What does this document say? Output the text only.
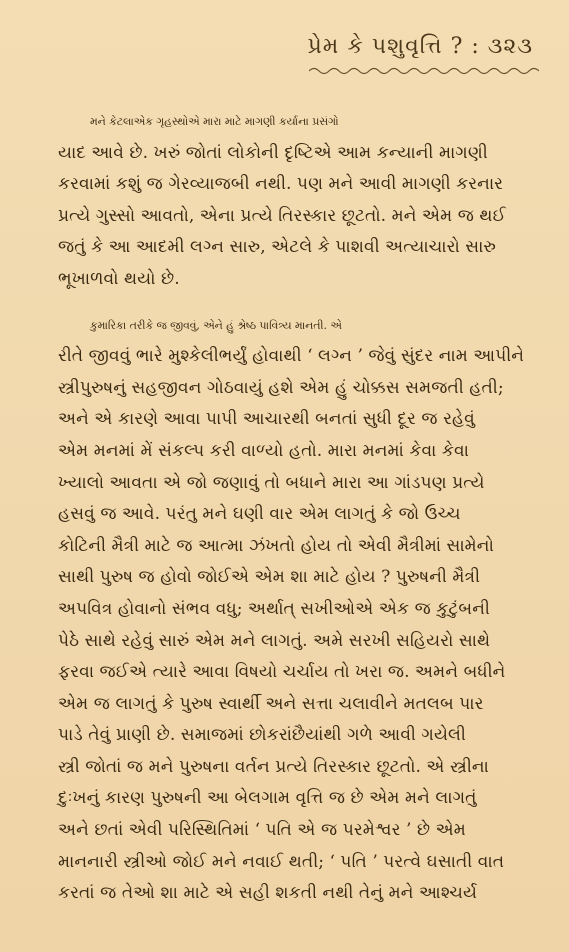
પ્રેમ કે પશુવૃત્તિ ? : ૩૨૩

મને કેટલાએક ગૃહસ્થોએ મારા માટે માગણી કર્યાના પ્રસંગો

યાદ આવે છે. ખરું જોતાં લોકોની દૃષ્ટિએ આમ કન્યાની માગણી

કરવામાં કશું જ ગેરવ્યાજબી નથી. પણ મને આવી માગણી કરનાર

પ્રત્યે ગુસ્સો આવતો, એના પ્રત્યે તિરસ્કાર છૂટતો. મને એમ જ થઈ

જતું કે આ આદમી લગ્ન સારુ, એટલે કે પાશવી અત્યાચારો સારુ

ભૂખાળવો થયો છે.

કુમારિકા તરીકે જ જીવવું, એને હું શ્રેષ્ઠ પાવિત્ર્ય માનતી. એ

રીતે જીવવું ભારે મુશ્કેલીભર્યું હોવાથી ‘ લગ્ન ’ જેવું સુંદર નામ આપીને

સ્ત્રીપુરુષનું સહજીવન ગોઠવાયું હશે એમ હું ચોક્કસ સમજતી હતી;

અને એ કારણે આવા પાપી આચારથી બનતાં સુધી દૂર જ રહેવું

એમ મનમાં મેં સંકલ્પ કરી વાળ્યો હતો. મારા મનમાં કેવા કેવા

ખ્યાલો આવતા એ જો જણાવું તો બધાને મારા આ ગાંડપણ પ્રત્યે

હસવું જ આવે. પરંતુ મને ઘણી વાર એમ લાગતું કે જો ઉચ્ચ

કોટિની મૈત્રી માટે જ આત્મા ઝંખતો હોય તો એવી મૈત્રીમાં સામેનો

સાથી પુરુષ જ હોવો જોઈએ એમ શા માટે હોય ? પુરુષની મૈત્રી

અપવિત્ર હોવાનો સંભવ વધુ; અર્થાત્ સખીઓએ એક જ કુટુંબની

પેઠે સાથે રહેવું સારું એમ મને લાગતું. અમે સરખી સહિયરો સાથે

ફરવા જઈએ ત્યારે આવા વિષયો ચર્ચાય તો ખરા જ. અમને બધીને

એમ જ લાગતું કે પુરુષ સ્વાર્થી અને સત્તા ચલાવીને મતલબ પાર

પાડે તેવું પ્રાણી છે. સમાજમાં છોકરાંછૈયાંથી ગળે આવી ગયેલી

સ્ત્રી જોતાં જ મને પુરુષના વર્તન પ્રત્યે તિરસ્કાર છૂટતો. એ સ્ત્રીના

દુઃખનું કારણ પુરુષની આ બેલગામ વૃત્તિ જ છે એમ મને લાગતું

અને છતાં એવી પરિસ્થિતિમાં ‘ પતિ એ જ પરમેશ્વર ’ છે એમ

માનનારી સ્ત્રીઓ જોઈ મને નવાઈ થતી; ‘ પતિ ’ પરત્વે ઘસાતી વાત

કરતાં જ તેઓ શા માટે એ સહી શકતી નથી તેનું મને આશ્ચર્ય
